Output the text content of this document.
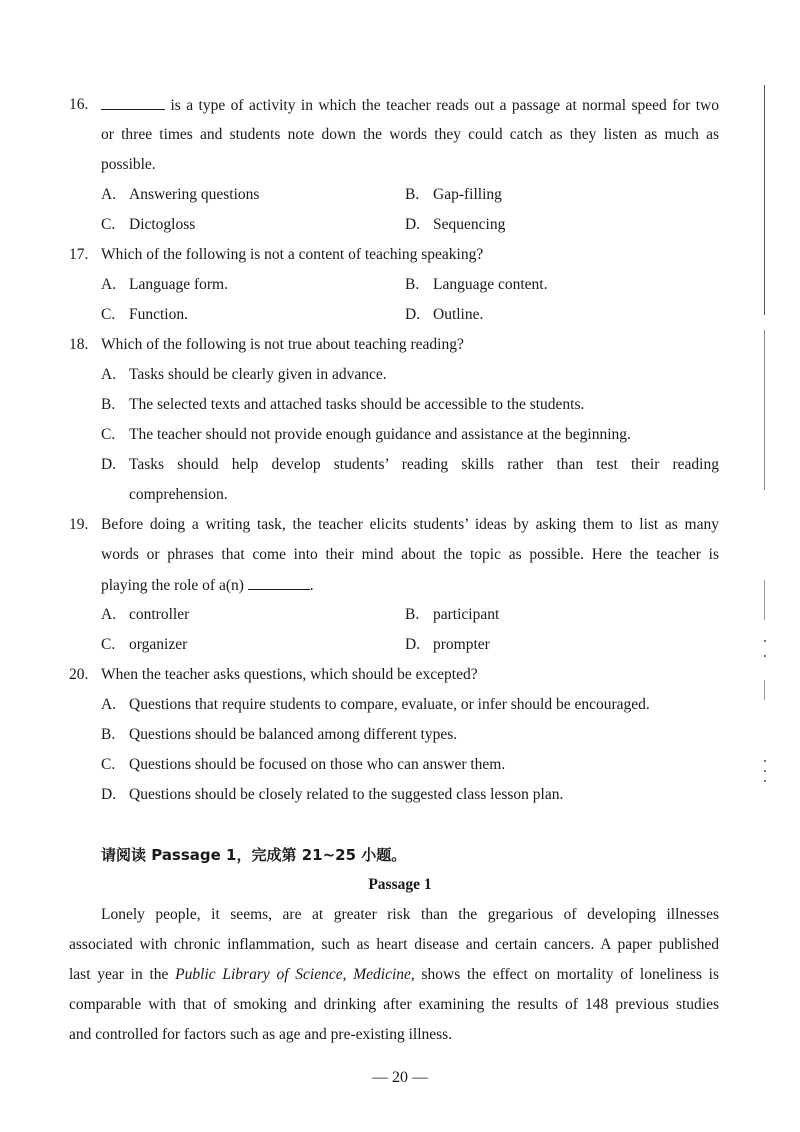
16.	is a type of activity in which the teacher reads out a passage at normal speed for two
or three times and students note down the words they could catch as they listen as much as
possible.
A. Answering questions	B. Gap-filling
C. Dictogloss	D. Sequencing
17. Which of the following is not a content of teaching speaking?
A. Language form.	B. Language content.
C. Function.	D. Outline.
18. Which of the following is not true about teaching reading?
A. Tasks should be clearly given in advance.
B. The selected texts and attached tasks should be accessible to the students.
C. The teacher should not provide enough guidance and assistance at the beginning.
D. Tasks should help develop students’ reading skills rather than test their reading
comprehension.
19. Before doing a writing task, the teacher elicits students’ ideas by asking them to list as many
words or phrases that come into their mind about the topic as possible. Here the teacher is
playing the role of a(n)	.
A. controller	B. participant
C. organizer	D. prompter
20. When the teacher asks questions, which should be excepted?
A. Questions that require students to compare, evaluate, or infer should be encouraged.
B. Questions should be balanced among different types.
C. Questions should be focused on those who can answer them.
D. Questions should be closely related to the suggested class lesson plan.
请阅读 Passage 1，完成第 21~25 小题。
Passage 1
Lonely people, it seems, are at greater risk than the gregarious of developing illnesses
associated with chronic inflammation, such as heart disease and certain cancers. A paper published
last year in the Public Library of Science, Medicine, shows the effect on mortality of loneliness is
comparable with that of smoking and drinking after examining the results of 148 previous studies
and controlled for factors such as age and pre-existing illness.
— 20 —
